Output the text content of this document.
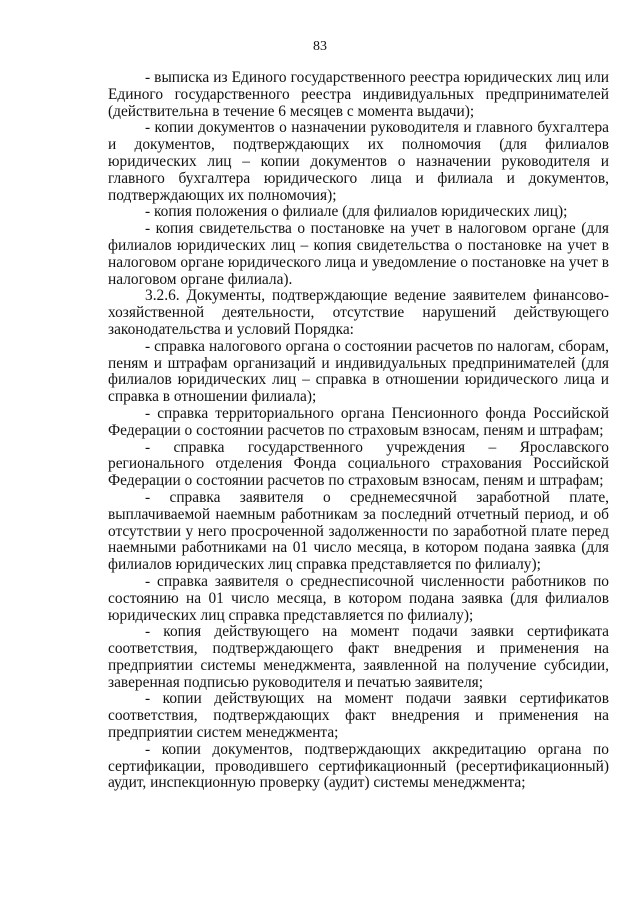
83

- выписка из Единого государственного реестра юридических лиц или Единого государственного реестра индивидуальных предпринимателей (действительна в течение 6 месяцев с момента выдачи);

- копии документов о назначении руководителя и главного бухгалтера и документов, подтверждающих их полномочия (для филиалов юридических лиц – копии документов о назначении руководителя и главного бухгалтера юридического лица и филиала и документов, подтверждающих их полномочия);

- копия положения о филиале (для филиалов юридических лиц);

- копия свидетельства о постановке на учет в налоговом органе (для филиалов юридических лиц – копия свидетельства о постановке на учет в налоговом органе юридического лица и уведомление о постановке на учет в налоговом органе филиала).

3.2.6. Документы, подтверждающие ведение заявителем финансово-хозяйственной деятельности, отсутствие нарушений действующего законодательства и условий Порядка:

- справка налогового органа о состоянии расчетов по налогам, сборам, пеням и штрафам организаций и индивидуальных предпринимателей (для филиалов юридических лиц – справка в отношении юридического лица и справка в отношении филиала);

- справка территориального органа Пенсионного фонда Российской Федерации о состоянии расчетов по страховым взносам, пеням и штрафам;

- справка государственного учреждения – Ярославского регионального отделения Фонда социального страхования Российской Федерации о состоянии расчетов по страховым взносам, пеням и штрафам;

- справка заявителя о среднемесячной заработной плате, выплачиваемой наемным работникам за последний отчетный период, и об отсутствии у него просроченной задолженности по заработной плате перед наемными работниками на 01 число месяца, в котором подана заявка (для филиалов юридических лиц справка представляется по филиалу);

- справка заявителя о среднесписочной численности работников по состоянию на 01 число месяца, в котором подана заявка (для филиалов юридических лиц справка представляется по филиалу);

- копия действующего на момент подачи заявки сертификата соответствия, подтверждающего факт внедрения и применения на предприятии системы менеджмента, заявленной на получение субсидии, заверенная подписью руководителя и печатью заявителя;

- копии действующих на момент подачи заявки сертификатов соответствия, подтверждающих факт внедрения и применения на предприятии систем менеджмента;

- копии документов, подтверждающих аккредитацию органа по сертификации, проводившего сертификационный (ресертификационный) аудит, инспекционную проверку (аудит) системы менеджмента;
